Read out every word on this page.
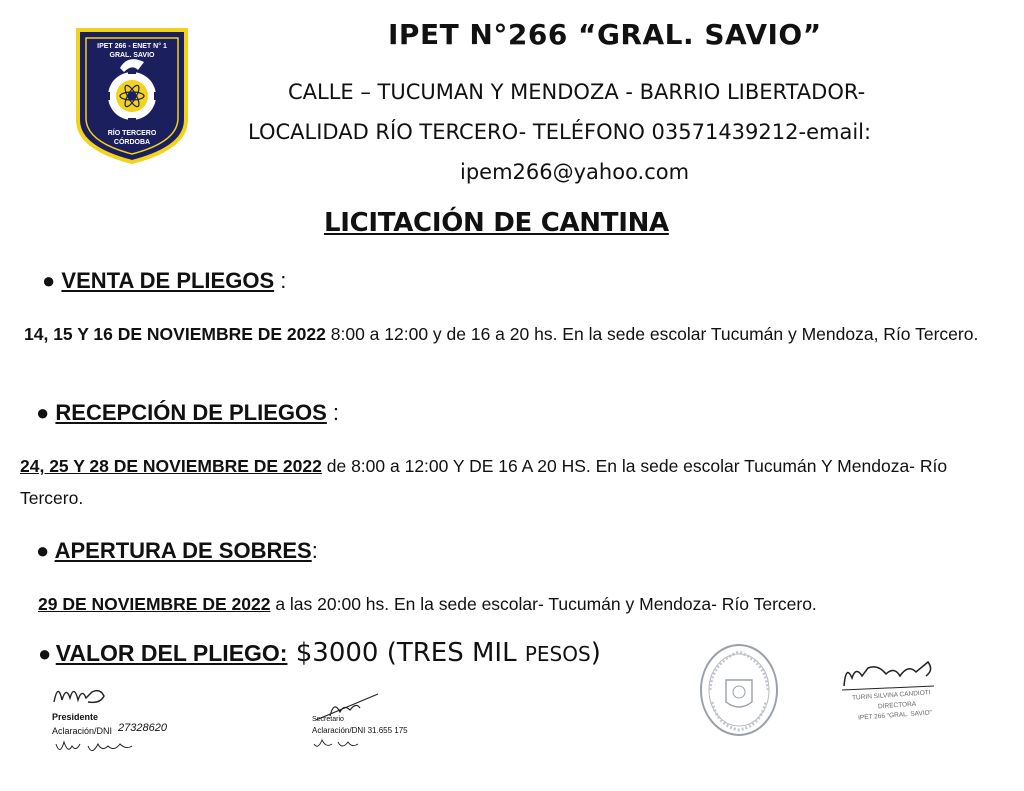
IPET 266 - ENET N° 1
GRAL. SAVIO
RÍO TERCERO
CÓRDOBA
IPET N°266 “GRAL. SAVIO”
CALLE – TUCUMAN Y MENDOZA - BARRIO LIBERTADOR-
LOCALIDAD RÍO TERCERO- TELÉFONO 03571439212-email:
ipem266@yahoo.com
LICITACIÓN DE CANTINA
● VENTA DE PLIEGOS :
14, 15 Y 16 DE NOVIEMBRE DE 2022 8:00 a 12:00 y de 16 a 20 hs. En la sede escolar Tucumán y Mendoza, Río Tercero.
● RECEPCIÓN DE PLIEGOS :
24, 25 Y 28 DE NOVIEMBRE DE 2022 de 8:00 a 12:00 Y DE 16 A 20 HS. En la sede escolar Tucumán Y Mendoza- Río Tercero.
● APERTURA DE SOBRES:
29 DE NOVIEMBRE DE 2022 a las 20:00 hs. En la sede escolar- Tucumán y Mendoza- Río Tercero.
● VALOR DEL PLIEGO: $3000 (TRES MIL PESOS)
Presidente
Aclaración/DNI 27328620
Secretario
Aclaración/DNI 31.655 175
TURIN SILVINA CANDIOTI
DIRECTORA
IPET 266 "GRAL. SAVIO"
